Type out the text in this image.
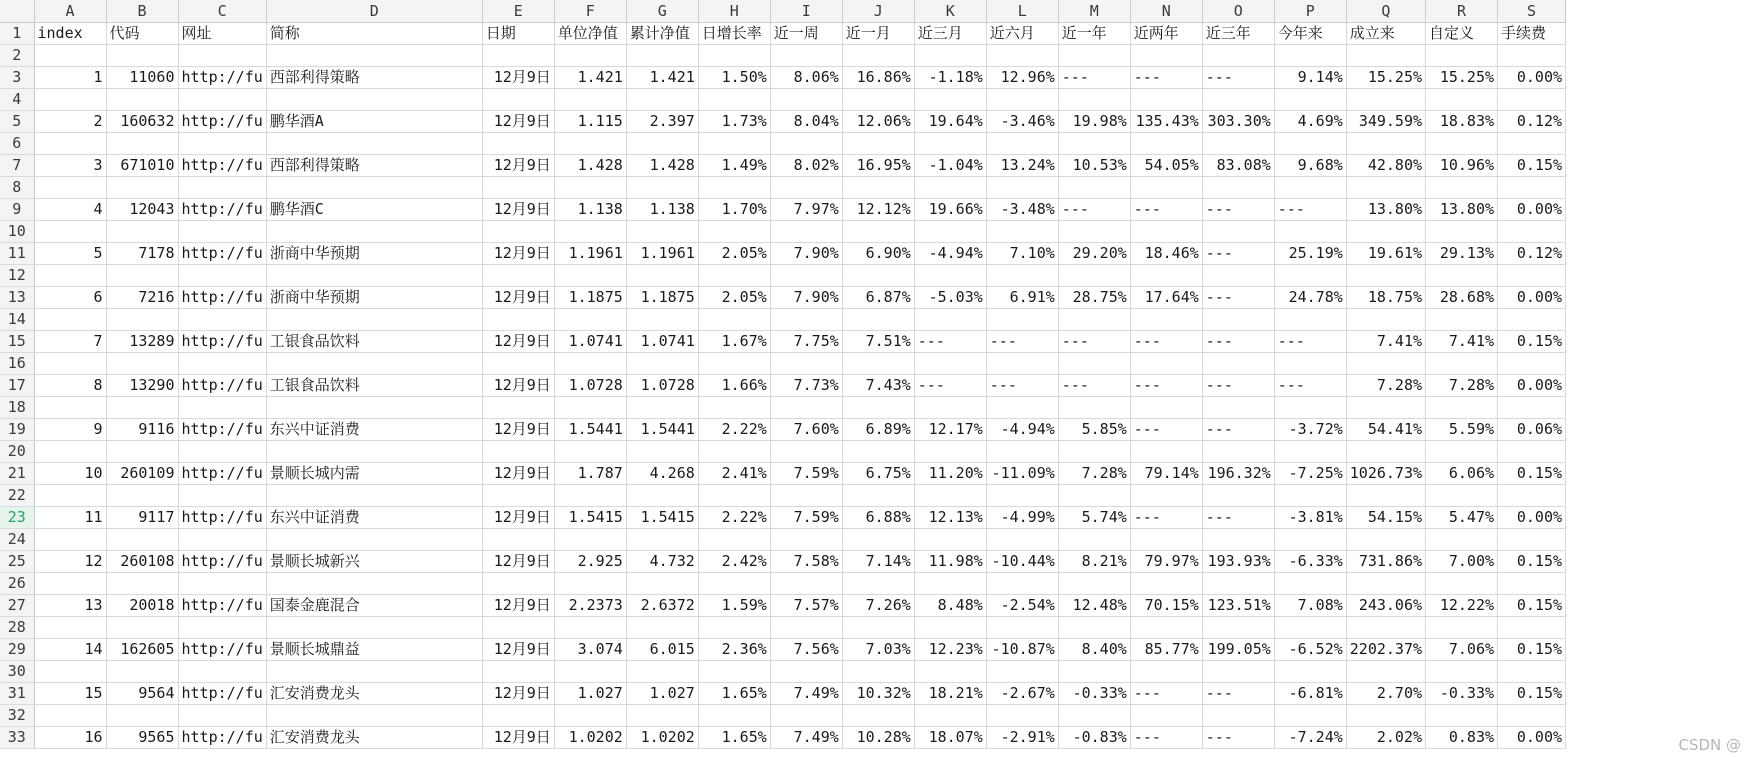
	A	B	C	D	E	F	G	H	I	J	K	L	M	N	O	P	Q	R	S
1	index	代码	网址	简称	日期	单位净值	累计净值	日增长率	近一周	近一月	近三月	近六月	近一年	近两年	近三年	今年来	成立来	自定义	手续费
2																			
3	1	11060	http://fu	西部利得策略	12月9日	1.421	1.421	1.50%	8.06%	16.86%	-1.18%	12.96%	---	---	---	9.14%	15.25%	15.25%	0.00%
4																			
5	2	160632	http://fu	鹏华酒A	12月9日	1.115	2.397	1.73%	8.04%	12.06%	19.64%	-3.46%	19.98%	135.43%	303.30%	4.69%	349.59%	18.83%	0.12%
6																			
7	3	671010	http://fu	西部利得策略	12月9日	1.428	1.428	1.49%	8.02%	16.95%	-1.04%	13.24%	10.53%	54.05%	83.08%	9.68%	42.80%	10.96%	0.15%
8																			
9	4	12043	http://fu	鹏华酒C	12月9日	1.138	1.138	1.70%	7.97%	12.12%	19.66%	-3.48%	---	---	---	---	13.80%	13.80%	0.00%
10																			
11	5	7178	http://fu	浙商中华预期	12月9日	1.1961	1.1961	2.05%	7.90%	6.90%	-4.94%	7.10%	29.20%	18.46%	---	25.19%	19.61%	29.13%	0.12%
12																			
13	6	7216	http://fu	浙商中华预期	12月9日	1.1875	1.1875	2.05%	7.90%	6.87%	-5.03%	6.91%	28.75%	17.64%	---	24.78%	18.75%	28.68%	0.00%
14																			
15	7	13289	http://fu	工银食品饮料	12月9日	1.0741	1.0741	1.67%	7.75%	7.51%	---	---	---	---	---	---	7.41%	7.41%	0.15%
16																			
17	8	13290	http://fu	工银食品饮料	12月9日	1.0728	1.0728	1.66%	7.73%	7.43%	---	---	---	---	---	---	7.28%	7.28%	0.00%
18																			
19	9	9116	http://fu	东兴中证消费	12月9日	1.5441	1.5441	2.22%	7.60%	6.89%	12.17%	-4.94%	5.85%	---	---	-3.72%	54.41%	5.59%	0.06%
20																			
21	10	260109	http://fu	景顺长城内需	12月9日	1.787	4.268	2.41%	7.59%	6.75%	11.20%	-11.09%	7.28%	79.14%	196.32%	-7.25%	1026.73%	6.06%	0.15%
22																			
23	11	9117	http://fu	东兴中证消费	12月9日	1.5415	1.5415	2.22%	7.59%	6.88%	12.13%	-4.99%	5.74%	---	---	-3.81%	54.15%	5.47%	0.00%
24																			
25	12	260108	http://fu	景顺长城新兴	12月9日	2.925	4.732	2.42%	7.58%	7.14%	11.98%	-10.44%	8.21%	79.97%	193.93%	-6.33%	731.86%	7.00%	0.15%
26																			
27	13	20018	http://fu	国泰金鹿混合	12月9日	2.2373	2.6372	1.59%	7.57%	7.26%	8.48%	-2.54%	12.48%	70.15%	123.51%	7.08%	243.06%	12.22%	0.15%
28																			
29	14	162605	http://fu	景顺长城鼎益	12月9日	3.074	6.015	2.36%	7.56%	7.03%	12.23%	-10.87%	8.40%	85.77%	199.05%	-6.52%	2202.37%	7.06%	0.15%
30																			
31	15	9564	http://fu	汇安消费龙头	12月9日	1.027	1.027	1.65%	7.49%	10.32%	18.21%	-2.67%	-0.33%	---	---	-6.81%	2.70%	-0.33%	0.15%
32																			
33	16	9565	http://fu	汇安消费龙头	12月9日	1.0202	1.0202	1.65%	7.49%	10.28%	18.07%	-2.91%	-0.83%	---	---	-7.24%	2.02%	0.83%	0.00%	CSDN @
